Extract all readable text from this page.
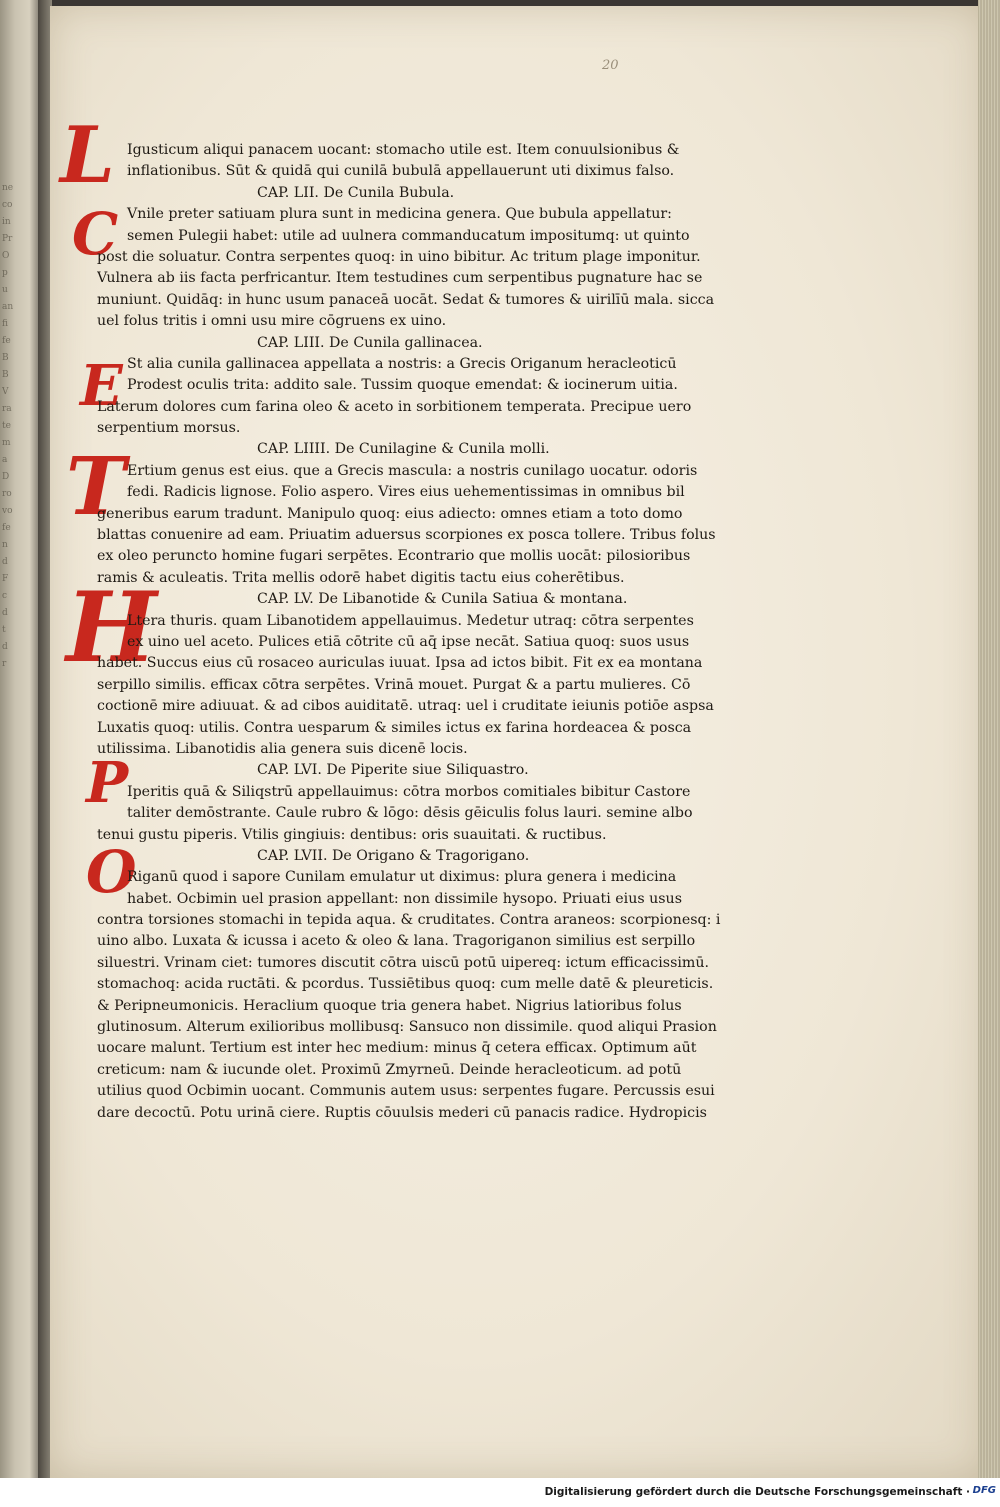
ne
co
in
Pr
O
p
u
an
fi
fe
B
B
V
ra
te
m
a
D
ro
vo
fe
n
d
F
c
d
t
d
r
20
L
C
E
T
H
P
O
Igusticum aliqui panacem uocant: stomacho utile est. Item conuulsionibus &
inflationibus. Sūt & quidā qui cunilā bubulā appellauerunt uti diximus falso.
CAP. LII. De Cunila Bubula.
Vnile preter satiuam plura sunt in medicina genera. Que bubula appellatur:
semen Pulegii habet: utile ad uulnera commanducatum impositumq: ut quinto
post die soluatur. Contra serpentes quoq: in uino bibitur. Ac tritum plage imponitur.
Vulnera ab iis facta perfricantur. Item testudines cum serpentibus pugnature hac se
muniunt. Quidāq: in hunc usum panaceā uocāt. Sedat & tumores & uirilīū mala. sicca
uel folus tritis i omni usu mire cōgruens ex uino.
CAP. LIII. De Cunila gallinacea.
St alia cunila gallinacea appellata a nostris: a Grecis Origanum heracleoticū
Prodest oculis trita: addito sale. Tussim quoque emendat: & iocinerum uitia.
Laterum dolores cum farina oleo & aceto in sorbitionem temperata. Precipue uero
serpentium morsus.
CAP. LIIII. De Cunilagine & Cunila molli.
Ertium genus est eius. que a Grecis mascula: a nostris cunilago uocatur. odoris
fedi. Radicis lignose. Folio aspero. Vires eius uehementissimas in omnibus bil
generibus earum tradunt. Manipulo quoq: eius adiecto: omnes etiam a toto domo
blattas conuenire ad eam. Priuatim aduersus scorpiones ex posca tollere. Tribus folus
ex oleo perunctо homine fugari serpētes. Econtrario que mollis uocāt: pilosioribus
ramis & aculeatis. Trita mellis odorē habet digitis tactu eius coherētibus.
CAP. LV. De Libanotide & Cunila Satiua & montana.
Ltera thuris. quam Libanotidem appellauimus. Medetur utraq: cōtra serpentes
ex uino uel aceto. Pulices etiā cōtrite cū aq̄ ipse necāt. Satiua quoq: suos usus
habet. Succus eius cū rosaceo auriculas iuuat. Ipsa ad ictos bibit. Fit ex ea montana
serpillo similis. efficax cōtra serpētes. Vrinā mouet. Purgat & a partu mulieres. Cō
coctionē mire adiuuat. & ad cibos auiditatē. utraq: uel i cruditate ieiunis potiōe aspsa
Luxatis quoq: utilis. Contra uesparum & similes ictus ex farina hordeacea & posca
utilissima. Libanotidis alia genera suis dicenē locis.
CAP. LVI. De Piperite siue Siliquastro.
Iperitis quā & Siliqstrū appellauimus: cōtra morbos comitiales bibitur Castore
taliter demōstrante. Caule rubro & lōgo: dēsis gēiculis folus lauri. semine albo
tenui gustu piperis. Vtilis gingiuis: dentibus: oris suauitati. & ructibus.
CAP. LVII. De Origano & Tragorigano.
Riganū quod i sapore Cunilam emulatur ut diximus: plura genera i medicina
habet. Ocbimin uel prasion appellant: non dissimile hysopo. Priuati eius usus
contra torsiones stomachi in tepida aqua. & cruditates. Contra araneos: scorpionesq: i
uino albo. Luxata & icussa i aceto & oleo & lana. Tragoriganon similius est serpillo
siluestri. Vrinam ciet: tumores discutit cōtra uiscū potū uipereq: ictum efficacissimū.
stomachoq: acida ructāti. & pcordus. Tussiētibus quoq: cum melle datē & pleureticis.
& Peripneumonicis. Heraclium quoque tria genera habet. Nigrius latioribus folus
glutinosum. Alterum exilioribus mollibusq: Sansuco non dissimile. quod aliqui Prasion
uocare malunt. Tertium est inter hec medium: minus q̄ cetera efficax. Optimum aūt
creticum: nam & iucunde olet. Proximū Zmyrneū. Deinde heracleoticum. ad potū
utilius quod Ocbimin uocant. Communis autem usus: serpentes fugare. Percussis esui
dare decoctū. Potu urinā ciere. Ruptis cōuulsis mederi cū panacis radice. Hydropicis
Digitalisierung gefördert durch die Deutsche Forschungsgemeinschaft · DFG
